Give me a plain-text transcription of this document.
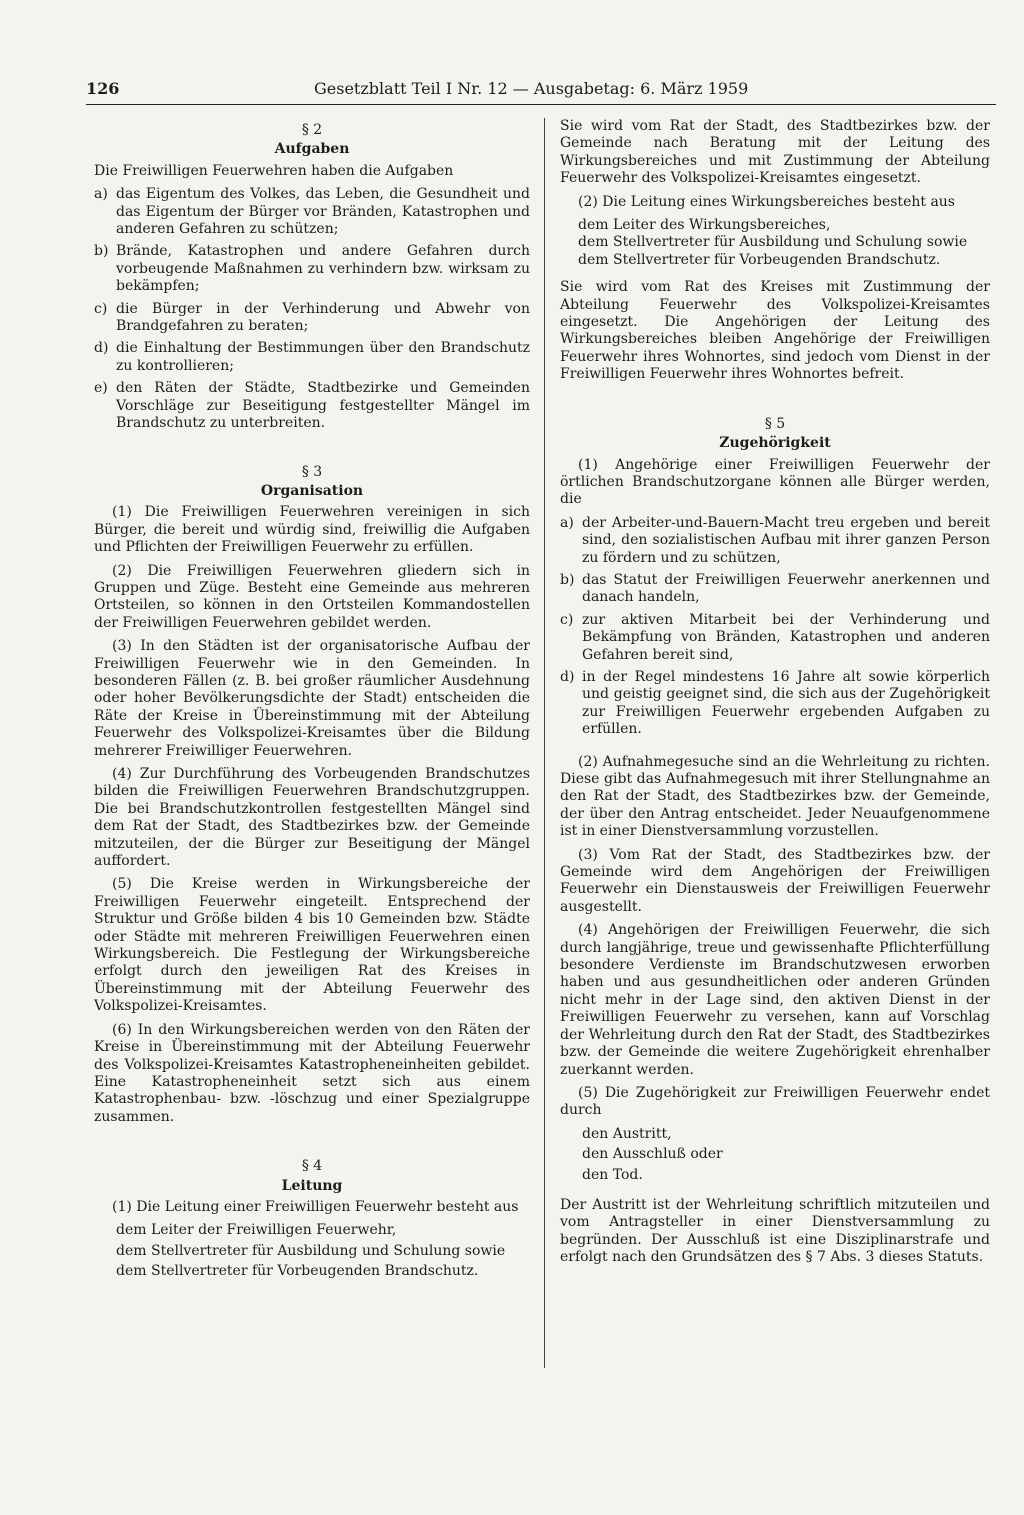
126	Gesetzblatt Teil I Nr. 12 — Ausgabetag: 6. März 1959
§ 2
Aufgaben

Die Freiwilligen Feuerwehren haben die Aufgaben

a) das Eigentum des Volkes, das Leben, die Gesundheit und das Eigentum der Bürger vor Bränden, Katastrophen und anderen Gefahren zu schützen;
b) Brände, Katastrophen und andere Gefahren durch vorbeugende Maßnahmen zu verhindern bzw. wirksam zu bekämpfen;
c) die Bürger in der Verhinderung und Abwehr von Brandgefahren zu beraten;
d) die Einhaltung der Bestimmungen über den Brandschutz zu kontrollieren;
e) den Räten der Städte, Stadtbezirke und Gemeinden Vorschläge zur Beseitigung festgestellter Mängel im Brandschutz zu unterbreiten.
§ 3
Organisation

(1) Die Freiwilligen Feuerwehren vereinigen in sich Bürger, die bereit und würdig sind, freiwillig die Aufgaben und Pflichten der Freiwilligen Feuerwehr zu erfüllen.

(2) Die Freiwilligen Feuerwehren gliedern sich in Gruppen und Züge. Besteht eine Gemeinde aus mehreren Ortsteilen, so können in den Ortsteilen Kommandostellen der Freiwilligen Feuerwehren gebildet werden.

(3) In den Städten ist der organisatorische Aufbau der Freiwilligen Feuerwehr wie in den Gemeinden. In besonderen Fällen (z. B. bei großer räumlicher Ausdehnung oder hoher Bevölkerungsdichte der Stadt) entscheiden die Räte der Kreise in Übereinstimmung mit der Abteilung Feuerwehr des Volkspolizei-Kreisamtes über die Bildung mehrerer Freiwilliger Feuerwehren.

(4) Zur Durchführung des Vorbeugenden Brandschutzes bilden die Freiwilligen Feuerwehren Brandschutzgruppen. Die bei Brandschutzkontrollen festgestellten Mängel sind dem Rat der Stadt, des Stadtbezirkes bzw. der Gemeinde mitzuteilen, der die Bürger zur Beseitigung der Mängel auffordert.

(5) Die Kreise werden in Wirkungsbereiche der Freiwilligen Feuerwehr eingeteilt. Entsprechend der Struktur und Größe bilden 4 bis 10 Gemeinden bzw. Städte oder Städte mit mehreren Freiwilligen Feuerwehren einen Wirkungsbereich. Die Festlegung der Wirkungsbereiche erfolgt durch den jeweiligen Rat des Kreises in Übereinstimmung mit der Abteilung Feuerwehr des Volkspolizei-Kreisamtes.

(6) In den Wirkungsbereichen werden von den Räten der Kreise in Übereinstimmung mit der Abteilung Feuerwehr des Volkspolizei-Kreisamtes Katastropheneinheiten gebildet. Eine Katastropheneinheit setzt sich aus einem Katastrophenbau- bzw. -löschzug und einer Spezialgruppe zusammen.

§ 4
Leitung

(1) Die Leitung einer Freiwilligen Feuerwehr besteht aus

dem Leiter der Freiwilligen Feuerwehr,
dem Stellvertreter für Ausbildung und Schulung sowie
dem Stellvertreter für Vorbeugenden Brandschutz.

Sie wird vom Rat der Stadt, des Stadtbezirkes bzw. der Gemeinde nach Beratung mit der Leitung des Wirkungsbereiches und mit Zustimmung der Abteilung Feuerwehr des Volkspolizei-Kreisamtes eingesetzt.

(2) Die Leitung eines Wirkungsbereiches besteht aus

dem Leiter des Wirkungsbereiches,
dem Stellvertreter für Ausbildung und Schulung sowie
dem Stellvertreter für Vorbeugenden Brandschutz.

Sie wird vom Rat des Kreises mit Zustimmung der Abteilung Feuerwehr des Volkspolizei-Kreisamtes eingesetzt. Die Angehörigen der Leitung des Wirkungsbereiches bleiben Angehörige der Freiwilligen Feuerwehr ihres Wohnortes, sind jedoch vom Dienst in der Freiwilligen Feuerwehr ihres Wohnortes befreit.

§ 5
Zugehörigkeit

(1) Angehörige einer Freiwilligen Feuerwehr der örtlichen Brandschutzorgane können alle Bürger werden, die

a) der Arbeiter-und-Bauern-Macht treu ergeben und bereit sind, den sozialistischen Aufbau mit ihrer ganzen Person zu fördern und zu schützen,
b) das Statut der Freiwilligen Feuerwehr anerkennen und danach handeln,
c) zur aktiven Mitarbeit bei der Verhinderung und Bekämpfung von Bränden, Katastrophen und anderen Gefahren bereit sind,
d) in der Regel mindestens 16 Jahre alt sowie körperlich und geistig geeignet sind, die sich aus der Zugehörigkeit zur Freiwilligen Feuerwehr ergebenden Aufgaben zu erfüllen.

(2) Aufnahmegesuche sind an die Wehrleitung zu richten. Diese gibt das Aufnahmegesuch mit ihrer Stellungnahme an den Rat der Stadt, des Stadtbezirkes bzw. der Gemeinde, der über den Antrag entscheidet. Jeder Neuaufgenommene ist in einer Dienstversammlung vorzustellen.

(3) Vom Rat der Stadt, des Stadtbezirkes bzw. der Gemeinde wird dem Angehörigen der Freiwilligen Feuerwehr ein Dienstausweis der Freiwilligen Feuerwehr ausgestellt.

(4) Angehörigen der Freiwilligen Feuerwehr, die sich durch langjährige, treue und gewissenhafte Pflichterfüllung besondere Verdienste im Brandschutzwesen erworben haben und aus gesundheitlichen oder anderen Gründen nicht mehr in der Lage sind, den aktiven Dienst in der Freiwilligen Feuerwehr zu versehen, kann auf Vorschlag der Wehrleitung durch den Rat der Stadt, des Stadtbezirkes bzw. der Gemeinde die weitere Zugehörigkeit ehrenhalber zuerkannt werden.

(5) Die Zugehörigkeit zur Freiwilligen Feuerwehr endet durch

den Austritt,
den Ausschluß oder
den Tod.

Der Austritt ist der Wehrleitung schriftlich mitzuteilen und vom Antragsteller in einer Dienstversammlung zu begründen. Der Ausschluß ist eine Disziplinarstrafe und erfolgt nach den Grundsätzen des § 7 Abs. 3 dieses Statuts.
